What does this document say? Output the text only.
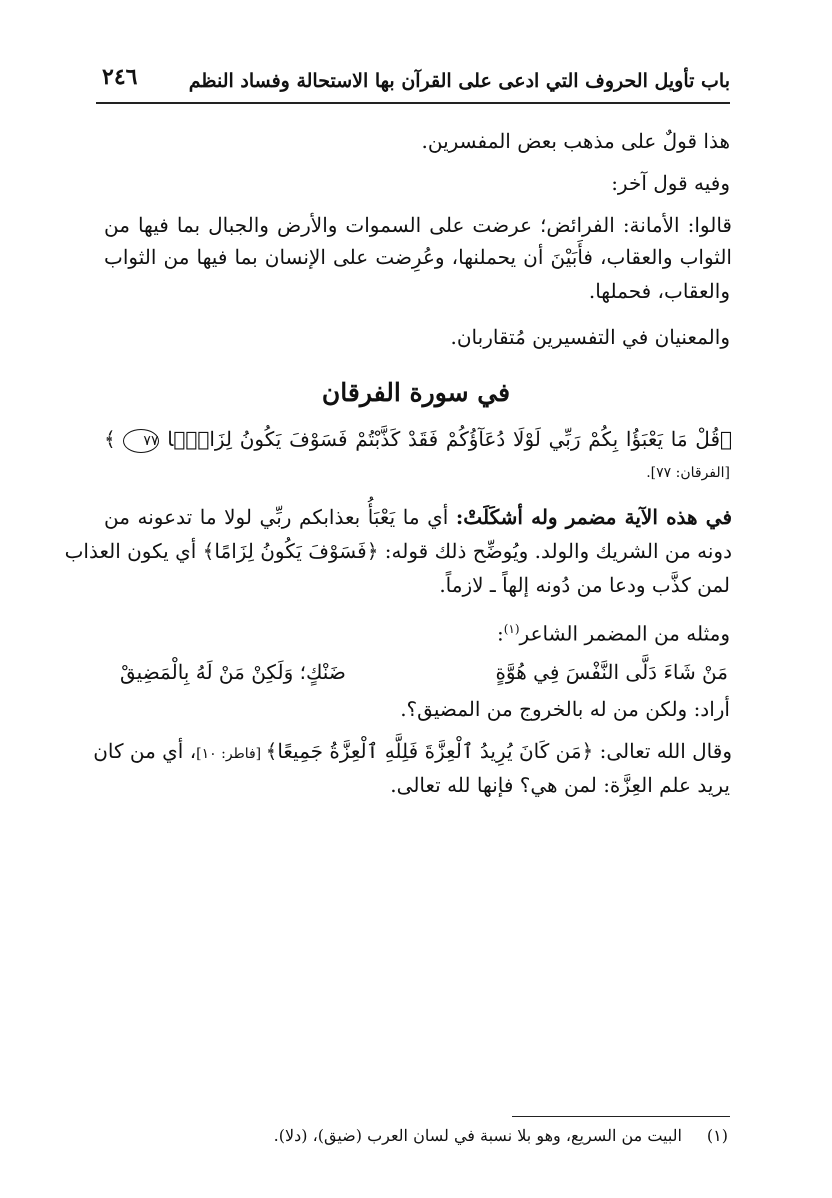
باب تأويل الحروف التي ادعى على القرآن بها الاستحالة وفساد النظم
٢٤٦
هذا قولٌ على مذهب بعض المفسرين.
وفيه قول آخر:
قالوا: الأمانة: الفرائض؛ عرضت على السموات والأرض والجبال بما فيها من
الثواب والعقاب، فأَبَيْنَ أن يحملنها، وعُرِضت على الإنسان بما فيها من الثواب
والعقاب، فحملها.
والمعنيان في التفسيرين مُتقاربان.
في سورة الفرقان
﴿قُلْ مَا يَعْبَؤُا بِكُمْ رَبِّي لَوْلَا دُعَآؤُكُمْ فَقَدْ كَذَّبْتُمْ فَسَوْفَ يَكُونُ لِزَامًۢا ٧٧ ﴾
[الفرقان: ٧٧].
في هذه الآية مضمر وله أشكَلَتْ: أي ما يَعْبَأُ بعذابكم ربِّي لولا ما تدعونه من
دونه من الشريك والولد. ويُوضِّح ذلك قوله: ﴿فَسَوْفَ يَكُونُ لِزَامًا﴾ أي يكون العذاب
لمن كذَّب ودعا من دُونه إلهاً ـ لازماً.
ومثله من المضمر الشاعر$^{(١)}$:
مَنْ شَاءَ دَلَّى النَّفْسَ فِي هُوَّةٍ
ضَنْكٍ؛ وَلَكِنْ مَنْ لَهُ بِالْمَضِيقْ
أراد: ولكن من له بالخروج من المضيق؟.
وقال الله تعالى: ﴿مَن كَانَ يُرِيدُ ٱلْعِزَّةَ فَلِلَّهِ ٱلْعِزَّةُ جَمِيعًا﴾ [فاطر: ١٠]، أي من كان
يريد علم العِزَّة: لمن هي؟ فإنها لله تعالى.
(١)
البيت من السريع، وهو بلا نسبة في لسان العرب (ضيق)، (دلا).
